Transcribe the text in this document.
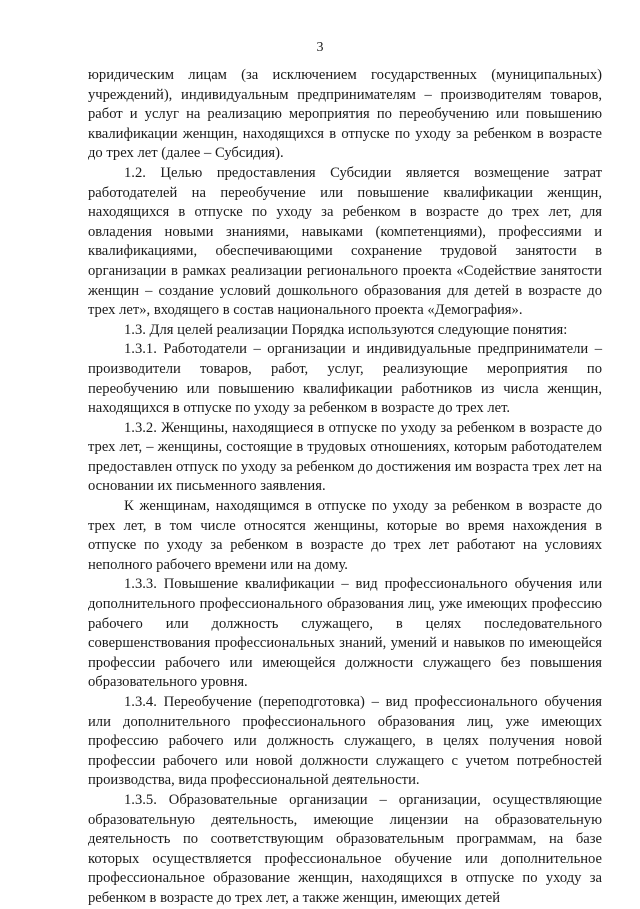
3

юридическим лицам (за исключением государственных (муниципальных) учреждений), индивидуальным предпринимателям – производителям товаров, работ и услуг на реализацию мероприятия по переобучению или повышению квалификации женщин, находящихся в отпуске по уходу за ребенком в возрасте до трех лет (далее – Субсидия).

1.2. Целью предоставления Субсидии является возмещение затрат работодателей на переобучение или повышение квалификации женщин, находящихся в отпуске по уходу за ребенком в возрасте до трех лет, для овладения новыми знаниями, навыками (компетенциями), профессиями и квалификациями, обеспечивающими сохранение трудовой занятости в организации в рамках реализации регионального проекта «Содействие занятости женщин – создание условий дошкольного образования для детей в возрасте до трех лет», входящего в состав национального проекта «Демография».

1.3. Для целей реализации Порядка используются следующие понятия:

1.3.1. Работодатели – организации и индивидуальные предприниматели – производители товаров, работ, услуг, реализующие мероприятия по переобучению или повышению квалификации работников из числа женщин, находящихся в отпуске по уходу за ребенком в возрасте до трех лет.

1.3.2. Женщины, находящиеся в отпуске по уходу за ребенком в возрасте до трех лет, – женщины, состоящие в трудовых отношениях, которым работодателем предоставлен отпуск по уходу за ребенком до достижения им возраста трех лет на основании их письменного заявления.

К женщинам, находящимся в отпуске по уходу за ребенком в возрасте до трех лет, в том числе относятся женщины, которые во время нахождения в отпуске по уходу за ребенком в возрасте до трех лет работают на условиях неполного рабочего времени или на дому.

1.3.3. Повышение квалификации – вид профессионального обучения или дополнительного профессионального образования лиц, уже имеющих профессию рабочего или должность служащего, в целях последовательного совершенствования профессиональных знаний, умений и навыков по имеющейся профессии рабочего или имеющейся должности служащего без повышения образовательного уровня.

1.3.4. Переобучение (переподготовка) – вид профессионального обучения или дополнительного профессионального образования лиц, уже имеющих профессию рабочего или должность служащего, в целях получения новой профессии рабочего или новой должности служащего с учетом потребностей производства, вида профессиональной деятельности.

1.3.5. Образовательные организации – организации, осуществляющие образовательную деятельность, имеющие лицензии на образовательную деятельность по соответствующим образовательным программам, на базе которых осуществляется профессиональное обучение или дополнительное профессиональное образование женщин, находящихся в отпуске по уходу за ребенком в возрасте до трех лет, а также женщин, имеющих детей
